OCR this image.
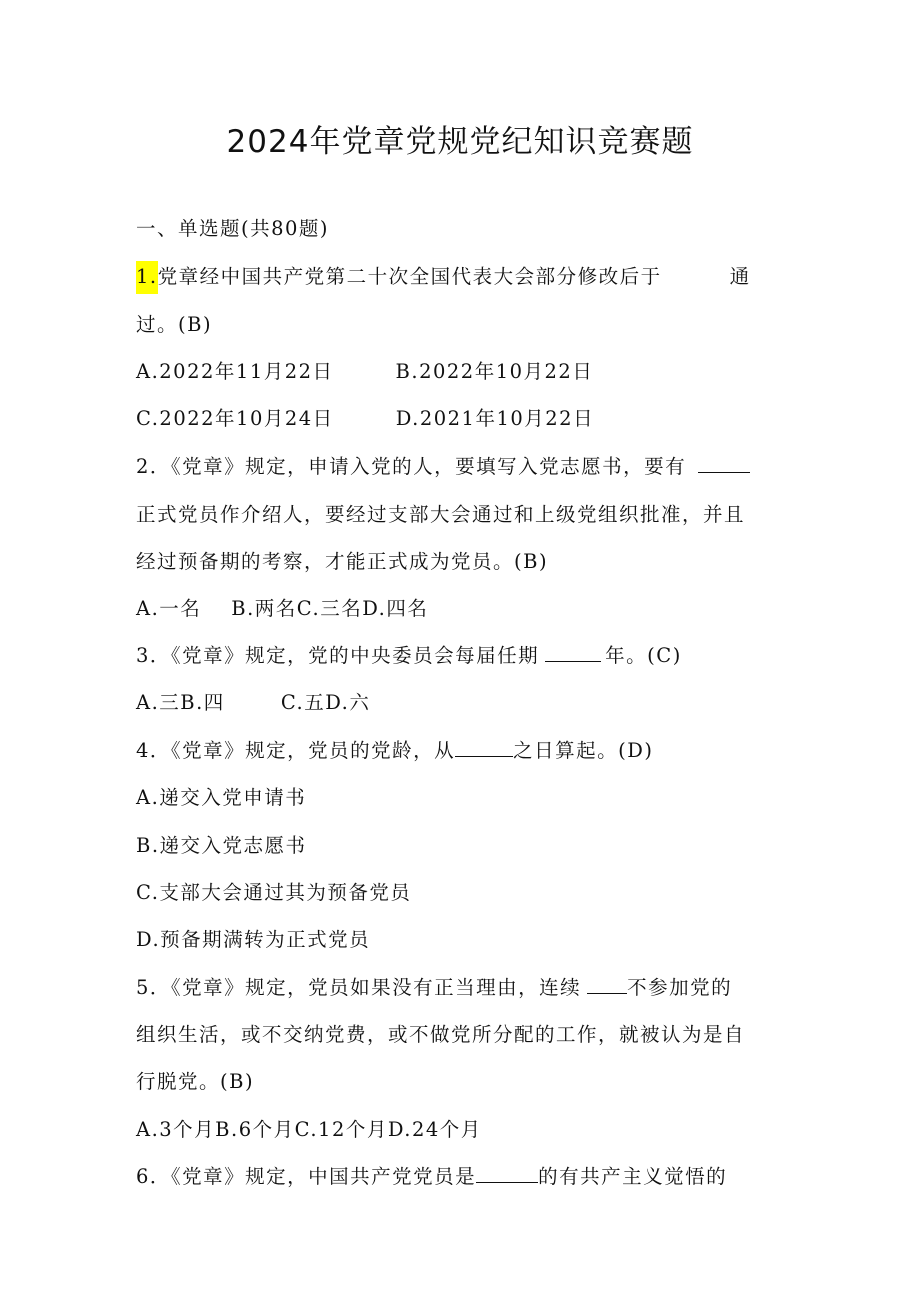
2024年党章党规党纪知识竞赛题
一、单选题(共80题)
1.党章经中国共产党第二十次全国代表大会部分修改后于	通
过。(B)
A.2022年11月22日	B.2022年10月22日
C.2022年10月24日	D.2021年10月22日
2．《党章》规定，申请入党的人，要填写入党志愿书，要有
正式党员作介绍人，要经过支部大会通过和上级党组织批准，并且
经过预备期的考察，才能正式成为党员。(B)
A.一名 B.两名C.三名D.四名
3．《党章》规定，党的中央委员会每届任期	年。(C)
A.三B.四	C.五D.六
4．《党章》规定，党员的党龄，从	之日算起。(D)
A.递交入党申请书
B.递交入党志愿书
C.支部大会通过其为预备党员
D.预备期满转为正式党员
5．《党章》规定，党员如果没有正当理由，连续 不参加党的
组织生活，或不交纳党费，或不做党所分配的工作，就被认为是自
行脱党。(B)
A.3个月B.6个月C.12个月D.24个月
6．《党章》规定，中国共产党党员是	的有共产主义觉悟的
